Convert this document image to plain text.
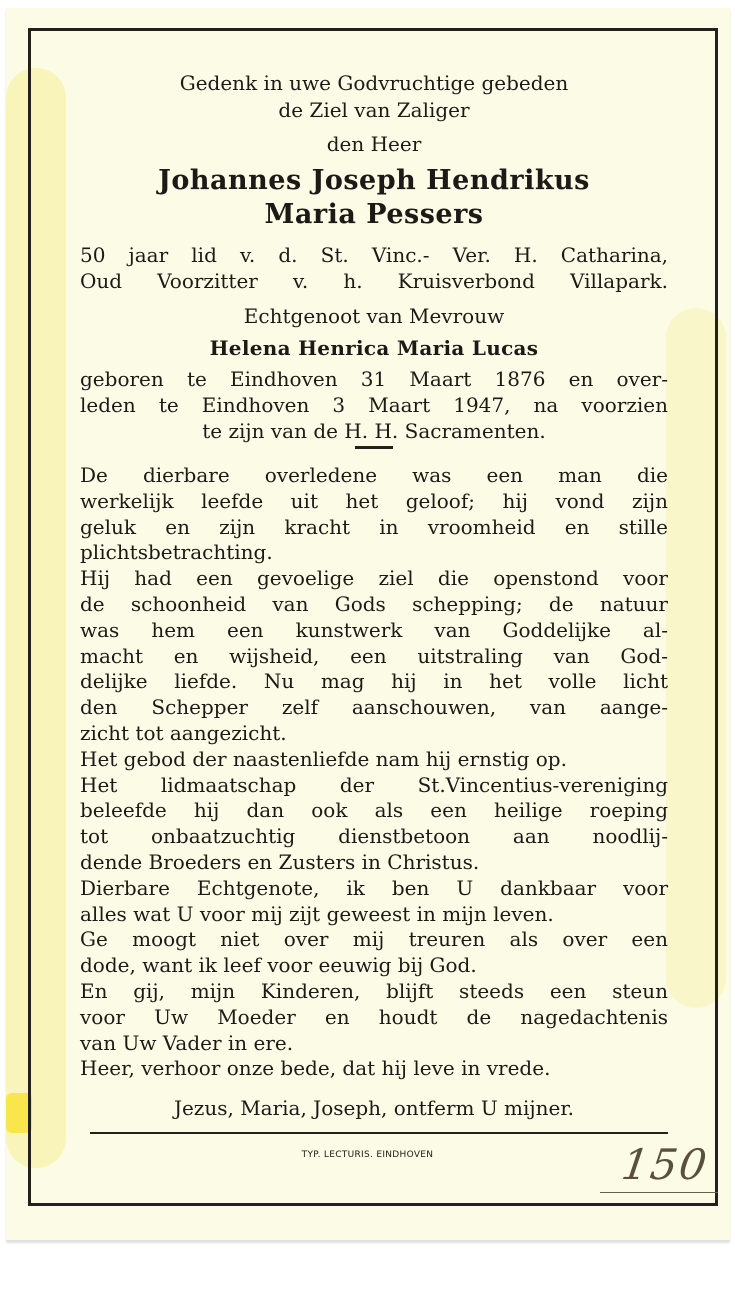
Gedenk in uwe Godvruchtige gebeden
de Ziel van Zaliger
den Heer
Johannes Joseph Hendrikus
Maria Pessers
50 jaar lid v. d. St. Vinc.- Ver. H. Catharina,
Oud Voorzitter v. h. Kruisverbond Villapark.
Echtgenoot van Mevrouw
Helena Henrica Maria Lucas
geboren te Eindhoven 31 Maart 1876 en over-
leden te Eindhoven 3 Maart 1947, na voorzien
te zijn van de H. H. Sacramenten.
De dierbare overledene was een man die
werkelijk leefde uit het geloof; hij vond zijn
geluk en zijn kracht in vroomheid en stille
plichtsbetrachting.
Hij had een gevoelige ziel die openstond voor
de schoonheid van Gods schepping; de natuur
was hem een kunstwerk van Goddelijke al-
macht en wijsheid, een uitstraling van God-
delijke liefde. Nu mag hij in het volle licht
den Schepper zelf aanschouwen, van aange-
zicht tot aangezicht.
Het gebod der naastenliefde nam hij ernstig op.
Het lidmaatschap der St.Vincentius-vereniging
beleefde hij dan ook als een heilige roeping
tot onbaatzuchtig dienstbetoon aan noodlij-
dende Broeders en Zusters in Christus.
Dierbare Echtgenote, ik ben U dankbaar voor
alles wat U voor mij zijt geweest in mijn leven.
Ge moogt niet over mij treuren als over een
dode, want ik leef voor eeuwig bij God.
En gij, mijn Kinderen, blijft steeds een steun
voor Uw Moeder en houdt de nagedachtenis
van Uw Vader in ere.
Heer, verhoor onze bede, dat hij leve in vrede.
Jezus, Maria, Joseph, ontferm U mijner.
TYP. LECTURIS. EINDHOVEN	150
